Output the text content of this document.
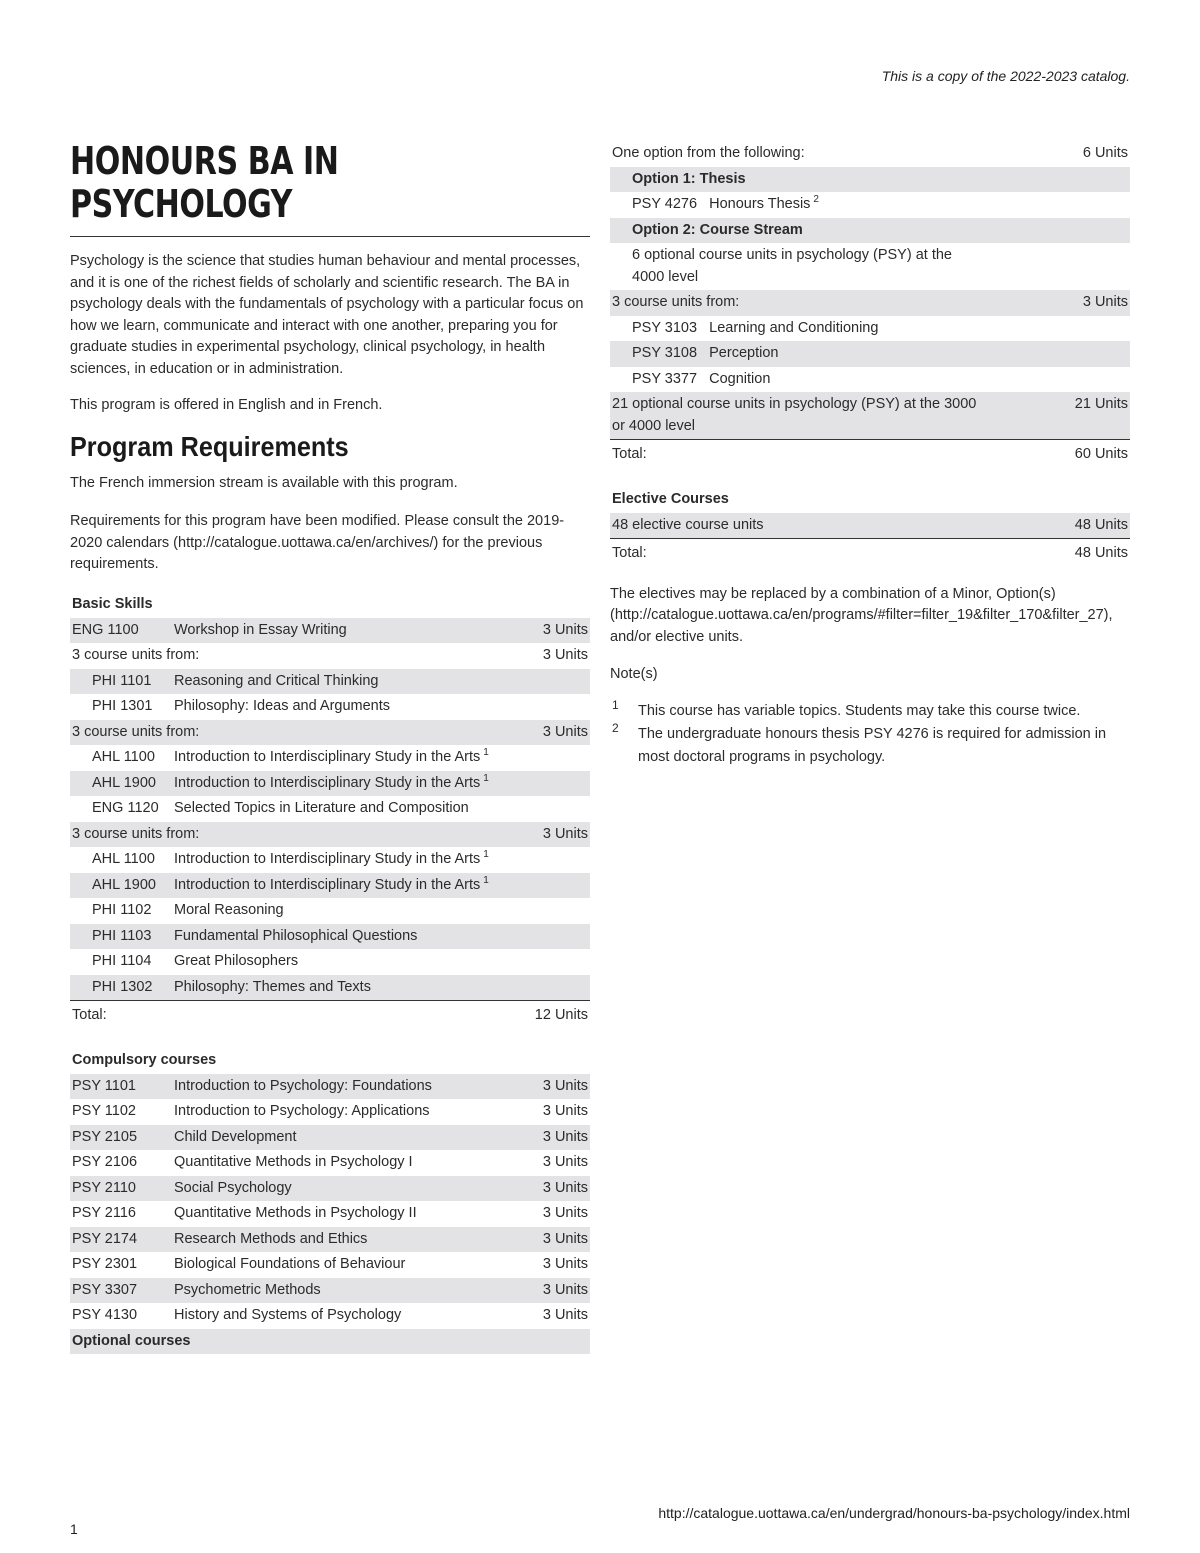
This is a copy of the 2022-2023 catalog.
HONOURS BA IN PSYCHOLOGY

Psychology is the science that studies human behaviour and mental processes, and it is one of the richest fields of scholarly and scientific research. The BA in psychology deals with the fundamentals of psychology with a particular focus on how we learn, communicate and interact with one another, preparing you for graduate studies in experimental psychology, clinical psychology, in health sciences, in education or in administration.

This program is offered in English and in French.

Program Requirements

The French immersion stream is available with this program.

Requirements for this program have been modified. Please consult the 2019-2020 calendars (http://catalogue.uottawa.ca/en/archives/) for the previous requirements.

Basic Skills
ENG 1100	Workshop in Essay Writing	3 Units
3 course units from:		3 Units
PHI 1101	Reasoning and Critical Thinking	
PHI 1301	Philosophy: Ideas and Arguments	
3 course units from:		3 Units
AHL 1100	Introduction to Interdisciplinary Study in the Arts $^1$	
AHL 1900	Introduction to Interdisciplinary Study in the Arts $^1$	
ENG 1120	Selected Topics in Literature and Composition	
3 course units from:		3 Units
AHL 1100	Introduction to Interdisciplinary Study in the Arts $^1$	
AHL 1900	Introduction to Interdisciplinary Study in the Arts $^1$	
PHI 1102	Moral Reasoning	
PHI 1103	Fundamental Philosophical Questions	
PHI 1104	Great Philosophers	
PHI 1302	Philosophy: Themes and Texts	
Total:		12 Units
Compulsory courses
PSY 1101	Introduction to Psychology: Foundations	3 Units
PSY 1102	Introduction to Psychology: Applications	3 Units
PSY 2105	Child Development	3 Units
PSY 2106	Quantitative Methods in Psychology I	3 Units
PSY 2110	Social Psychology	3 Units
PSY 2116	Quantitative Methods in Psychology II	3 Units
PSY 2174	Research Methods and Ethics	3 Units
PSY 2301	Biological Foundations of Behaviour	3 Units
PSY 3307	Psychometric Methods	3 Units
PSY 4130	History and Systems of Psychology	3 Units
Optional courses		
One option from the following:	6 Units
Option 1: Thesis	
PSY 4276 Honours Thesis $^2$
Option 2: Course Stream	
6 optional course units in psychology (PSY) at the 4000 level	
3 course units from:	3 Units
PSY 3103 Learning and Conditioning	
PSY 3108 Perception	
PSY 3377 Cognition	
21 optional course units in psychology (PSY) at the 3000 or 4000 level	21 Units
Total:	60 Units
Elective Courses
48 elective course units	48 Units
Total:	48 Units

The electives may be replaced by a combination of a Minor, Option(s) (http://catalogue.uottawa.ca/en/programs/#filter=filter_19&filter_170&filter_27), and/or elective units.

Note(s)

1 This course has variable topics. Students may take this course twice.
2 The undergraduate honours thesis PSY 4276 is required for admission in most doctoral programs in psychology.
http://catalogue.uottawa.ca/en/undergrad/honours-ba-psychology/index.html
1
